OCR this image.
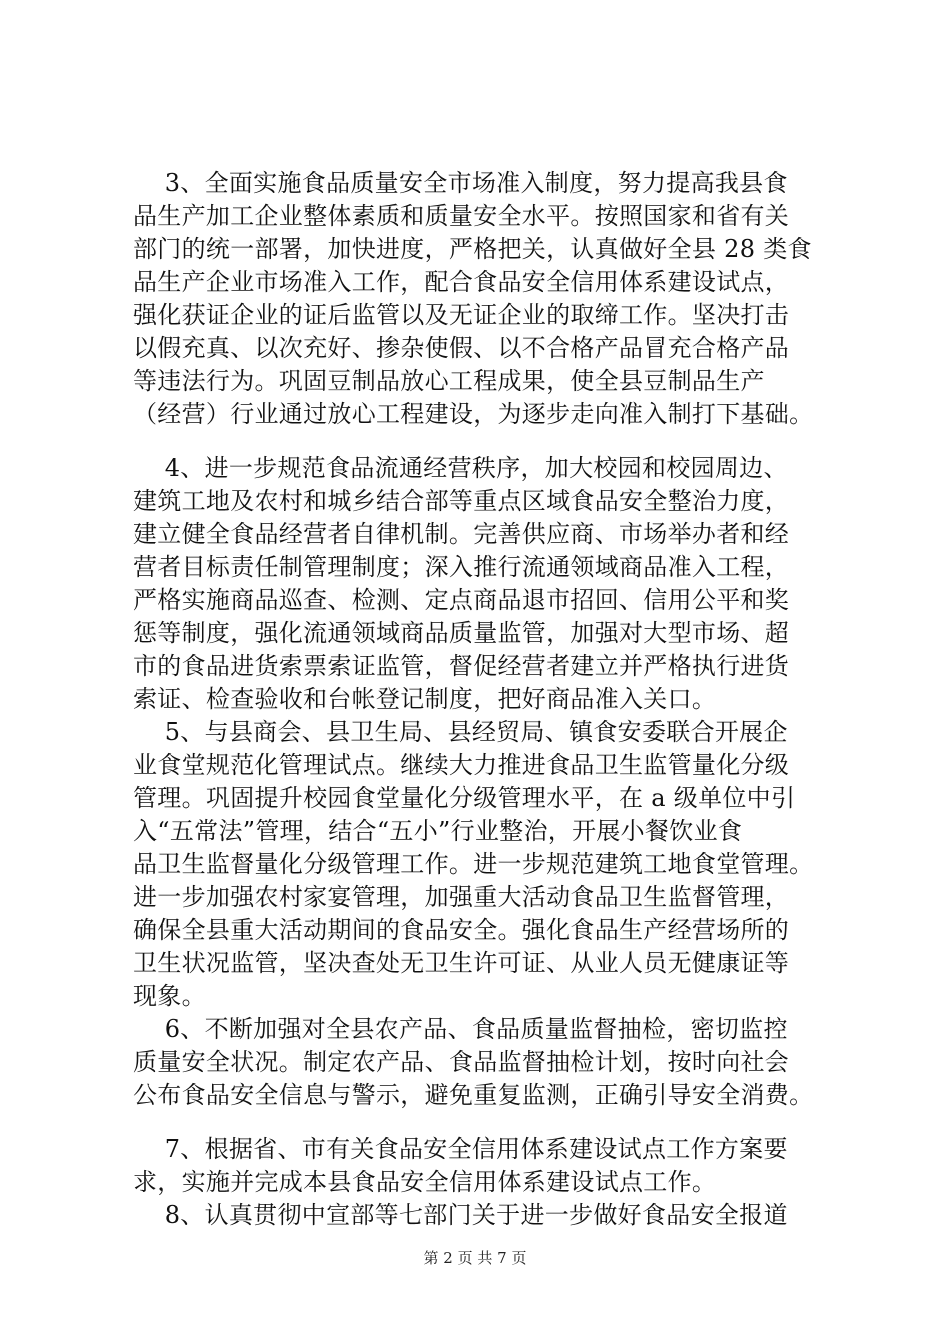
3、全面实施食品质量安全市场准入制度，努力提高我县食
品生产加工企业整体素质和质量安全水平。按照国家和省有关
部门的统一部署，加快进度，严格把关，认真做好全县 28 类食
品生产企业市场准入工作，配合食品安全信用体系建设试点，
强化获证企业的证后监管以及无证企业的取缔工作。坚决打击
以假充真、以次充好、掺杂使假、以不合格产品冒充合格产品
等违法行为。巩固豆制品放心工程成果，使全县豆制品生产
（经营）行业通过放心工程建设，为逐步走向准入制打下基础。
4、进一步规范食品流通经营秩序，加大校园和校园周边、
建筑工地及农村和城乡结合部等重点区域食品安全整治力度，
建立健全食品经营者自律机制。完善供应商、市场举办者和经
营者目标责任制管理制度；深入推行流通领域商品准入工程，
严格实施商品巡查、检测、定点商品退市招回、信用公平和奖
惩等制度，强化流通领域商品质量监管，加强对大型市场、超
市的食品进货索票索证监管，督促经营者建立并严格执行进货
索证、检查验收和台帐登记制度，把好商品准入关口。
5、与县商会、县卫生局、县经贸局、镇食安委联合开展企
业食堂规范化管理试点。继续大力推进食品卫生监管量化分级
管理。巩固提升校园食堂量化分级管理水平，在 a 级单位中引
入“五常法”管理，结合“五小”行业整治，开展小餐饮业食
品卫生监督量化分级管理工作。进一步规范建筑工地食堂管理。
进一步加强农村家宴管理，加强重大活动食品卫生监督管理，
确保全县重大活动期间的食品安全。强化食品生产经营场所的
卫生状况监管，坚决查处无卫生许可证、从业人员无健康证等
现象。
6、不断加强对全县农产品、食品质量监督抽检，密切监控
质量安全状况。制定农产品、食品监督抽检计划，按时向社会
公布食品安全信息与警示，避免重复监测，正确引导安全消费。
7、根据省、市有关食品安全信用体系建设试点工作方案要
求，实施并完成本县食品安全信用体系建设试点工作。
8、认真贯彻中宣部等七部门关于进一步做好食品安全报道
第 2 页 共 7 页
